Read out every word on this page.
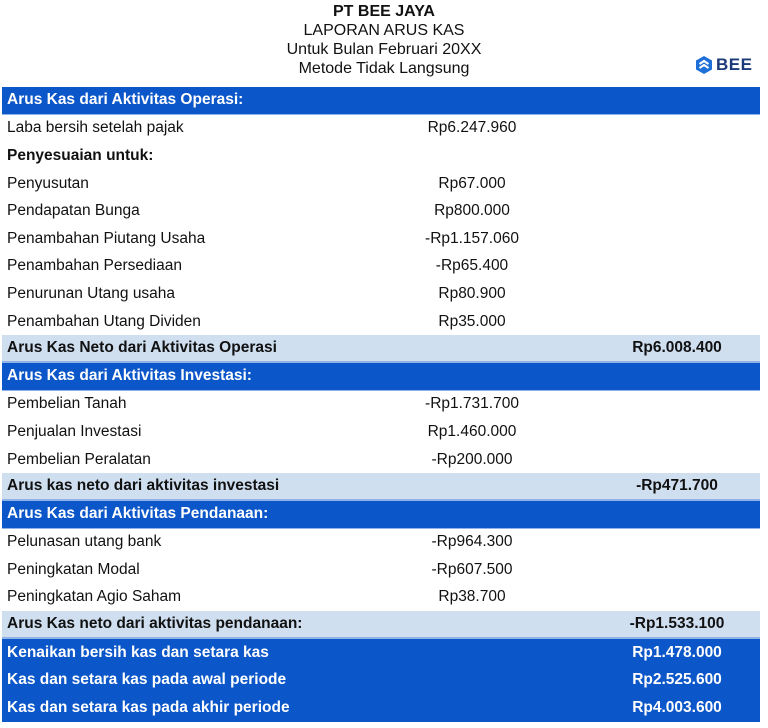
PT BEE JAYA
LAPORAN ARUS KAS
Untuk Bulan Februari 20XX
Metode Tidak Langsung	BEE
Arus Kas dari Aktivitas Operasi:
Laba bersih setelah pajak	Rp6.247.960
Penyesuaian untuk:
Penyusutan	Rp67.000
Pendapatan Bunga	Rp800.000
Penambahan Piutang Usaha	-Rp1.157.060
Penambahan Persediaan	-Rp65.400
Penurunan Utang usaha	Rp80.900
Penambahan Utang Dividen	Rp35.000
Arus Kas Neto dari Aktivitas Operasi	Rp6.008.400
Arus Kas dari Aktivitas Investasi:
Pembelian Tanah	-Rp1.731.700
Penjualan Investasi	Rp1.460.000
Pembelian Peralatan	-Rp200.000
Arus kas neto dari aktivitas investasi	-Rp471.700
Arus Kas dari Aktivitas Pendanaan:
Pelunasan utang bank	-Rp964.300
Peningkatan Modal	-Rp607.500
Peningkatan Agio Saham	Rp38.700
Arus Kas neto dari aktivitas pendanaan:	-Rp1.533.100
Kenaikan bersih kas dan setara kas	Rp1.478.000
Kas dan setara kas pada awal periode	Rp2.525.600
Kas dan setara kas pada akhir periode	Rp4.003.600
